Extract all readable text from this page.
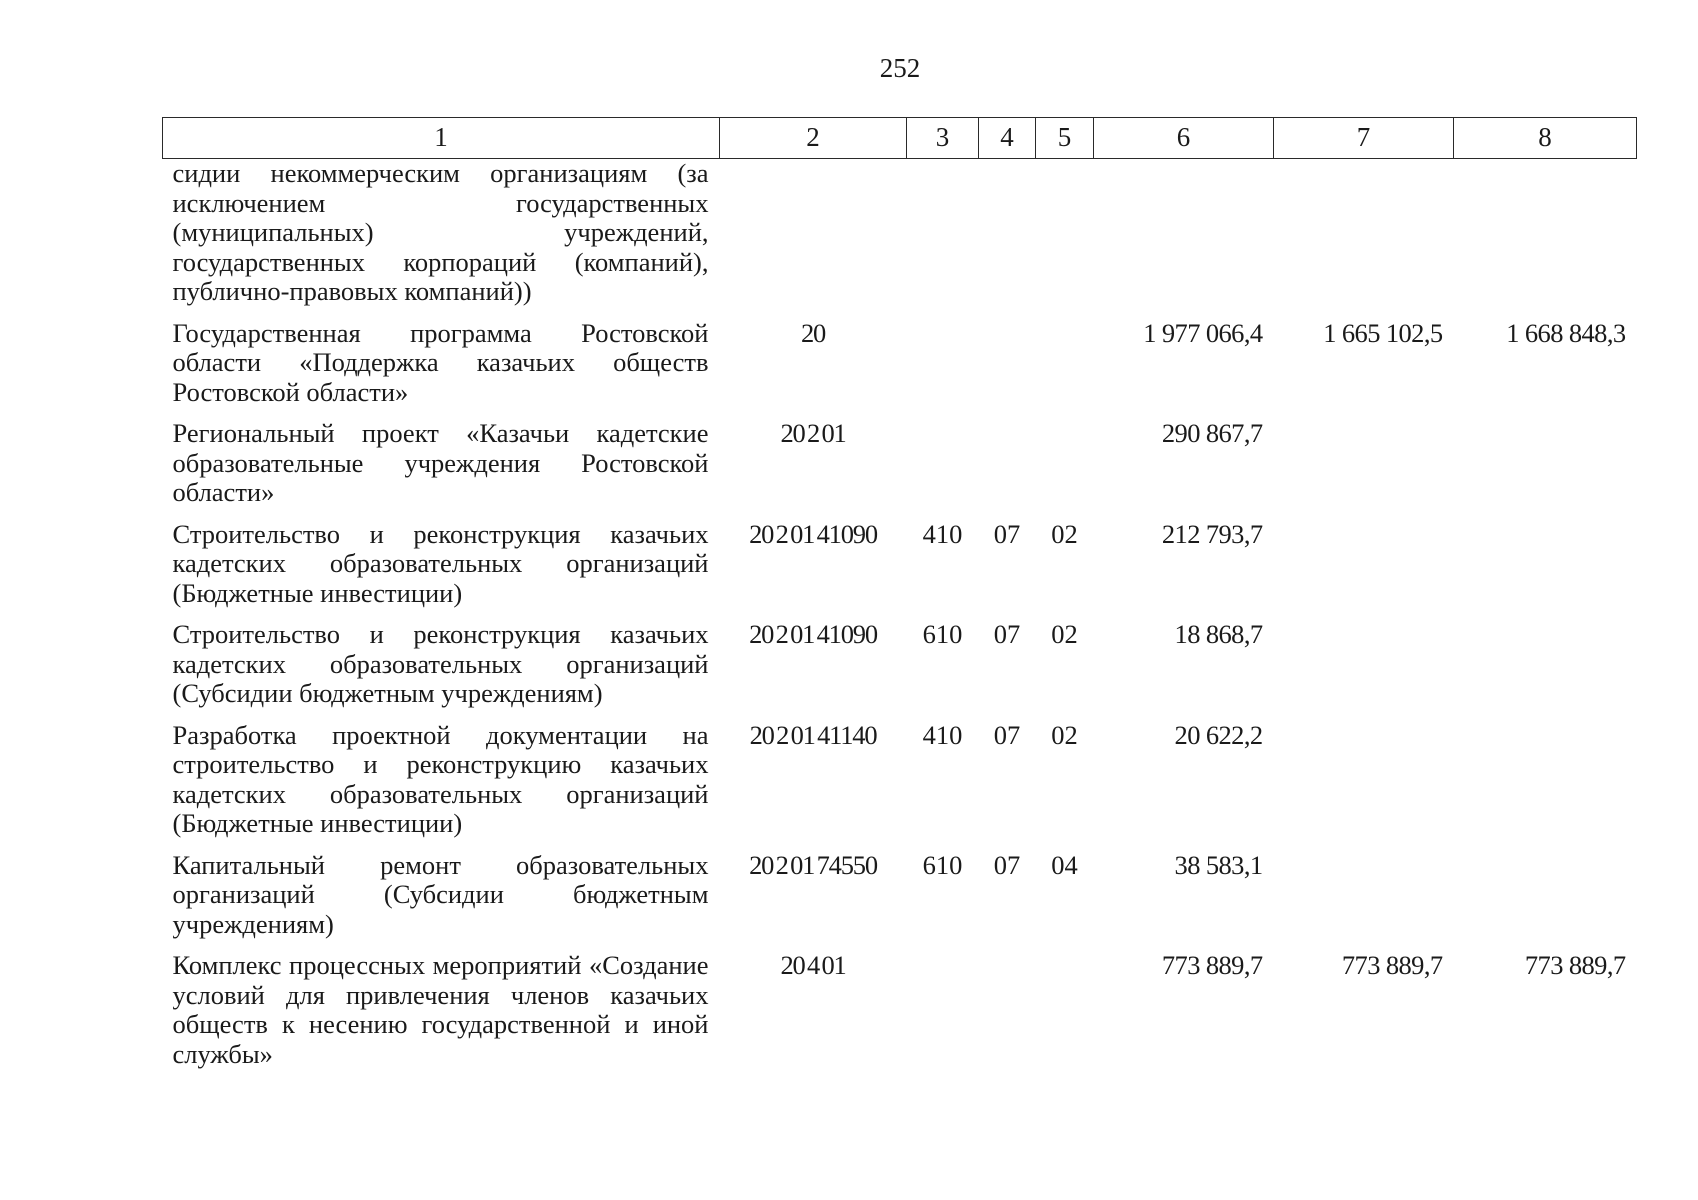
252
1	2	3	4	5	6	7	8
сидии некоммерческим организациям (за исключением государственных (муниципальных) учреждений, государственных корпораций (компаний), публично-правовых компаний))							
Государственная программа Ростовской области «Поддержка казачьих обществ Ростовской области»	20				1 977 066,4	1 665 102,5	1 668 848,3
Региональный проект «Казачьи кадетские образовательные учреждения Ростовской области»	20 2 01				290 867,7		
Строительство и реконструкция казачьих кадетских образовательных организаций (Бюджетные инвестиции)	20 2 01 41090	410	07	02	212 793,7		
Строительство и реконструкция казачьих кадетских образовательных организаций (Субсидии бюджетным учреждениям)	20 2 01 41090	610	07	02	18 868,7		
Разработка проектной документации на строительство и реконструкцию казачьих кадетских образовательных организаций (Бюджетные инвестиции)	20 2 01 41140	410	07	02	20 622,2		
Капитальный ремонт образовательных организаций (Субсидии бюджетным учреждениям)	20 2 01 74550	610	07	04	38 583,1		
Комплекс процессных мероприятий «Создание условий для привлечения членов казачьих обществ к несению государственной и иной службы»	20 4 01				773 889,7	773 889,7	773 889,7
